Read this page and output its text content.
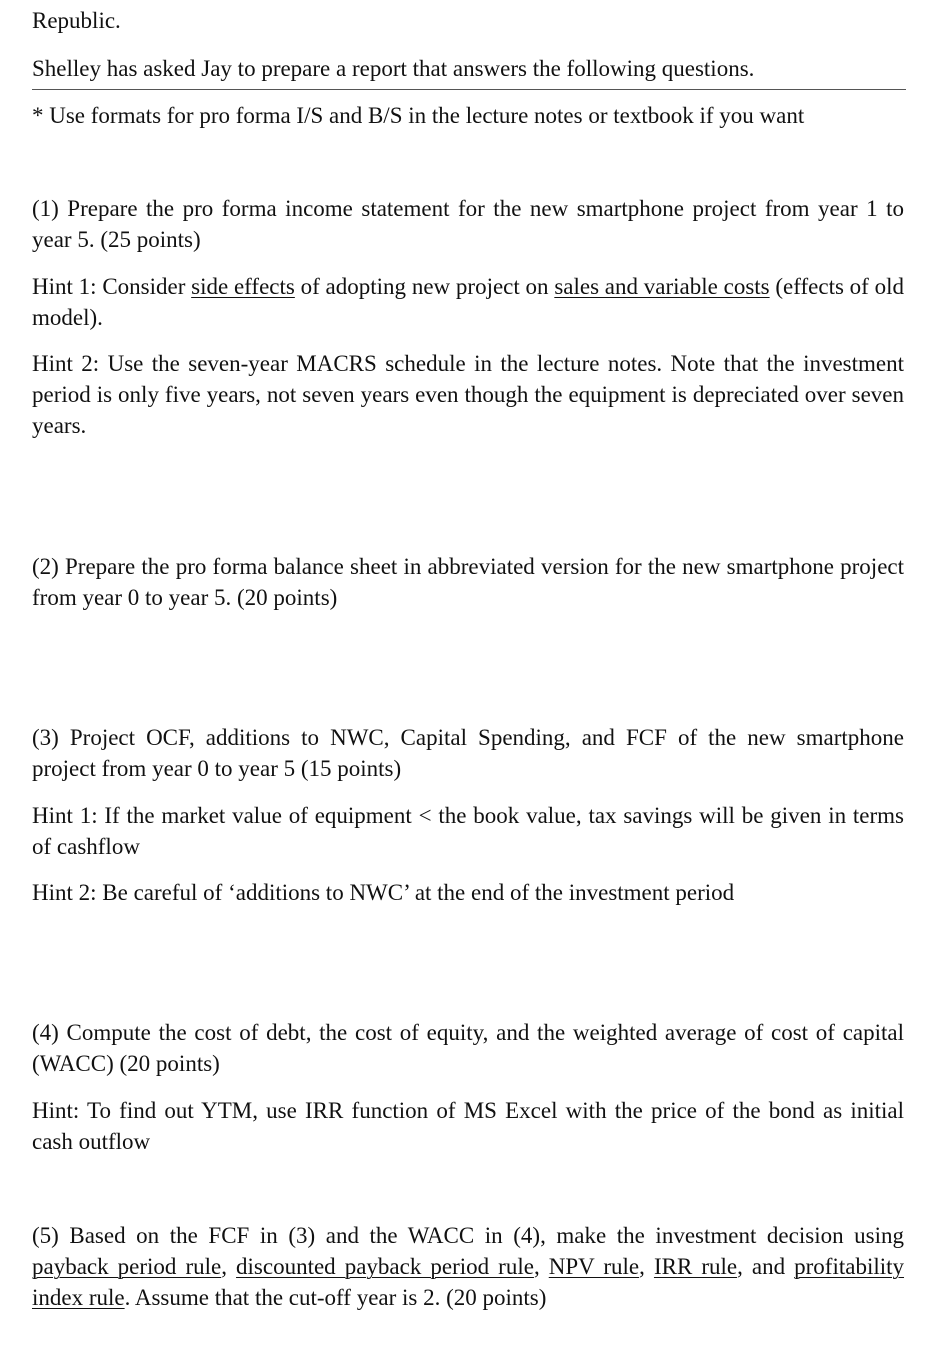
Republic.
Shelley has asked Jay to prepare a report that answers the following questions.
* Use formats for pro forma I/S and B/S in the lecture notes or textbook if you want
(1) Prepare the pro forma income statement for the new smartphone project from year 1 to year 5. (25 points)
Hint 1: Consider side effects of adopting new project on sales and variable costs (effects of old model).
Hint 2: Use the seven-year MACRS schedule in the lecture notes. Note that the investment period is only five years, not seven years even though the equipment is depreciated over seven years.
(2) Prepare the pro forma balance sheet in abbreviated version for the new smartphone project from year 0 to year 5. (20 points)
(3) Project OCF, additions to NWC, Capital Spending, and FCF of the new smartphone project from year 0 to year 5 (15 points)
Hint 1: If the market value of equipment < the book value, tax savings will be given in terms of cashflow
Hint 2: Be careful of ‘additions to NWC’ at the end of the investment period
(4) Compute the cost of debt, the cost of equity, and the weighted average of cost of capital (WACC) (20 points)
Hint: To find out YTM, use IRR function of MS Excel with the price of the bond as initial cash outflow
(5) Based on the FCF in (3) and the WACC in (4), make the investment decision using payback period rule, discounted payback period rule, NPV rule, IRR rule, and profitability index rule. Assume that the cut-off year is 2. (20 points)
